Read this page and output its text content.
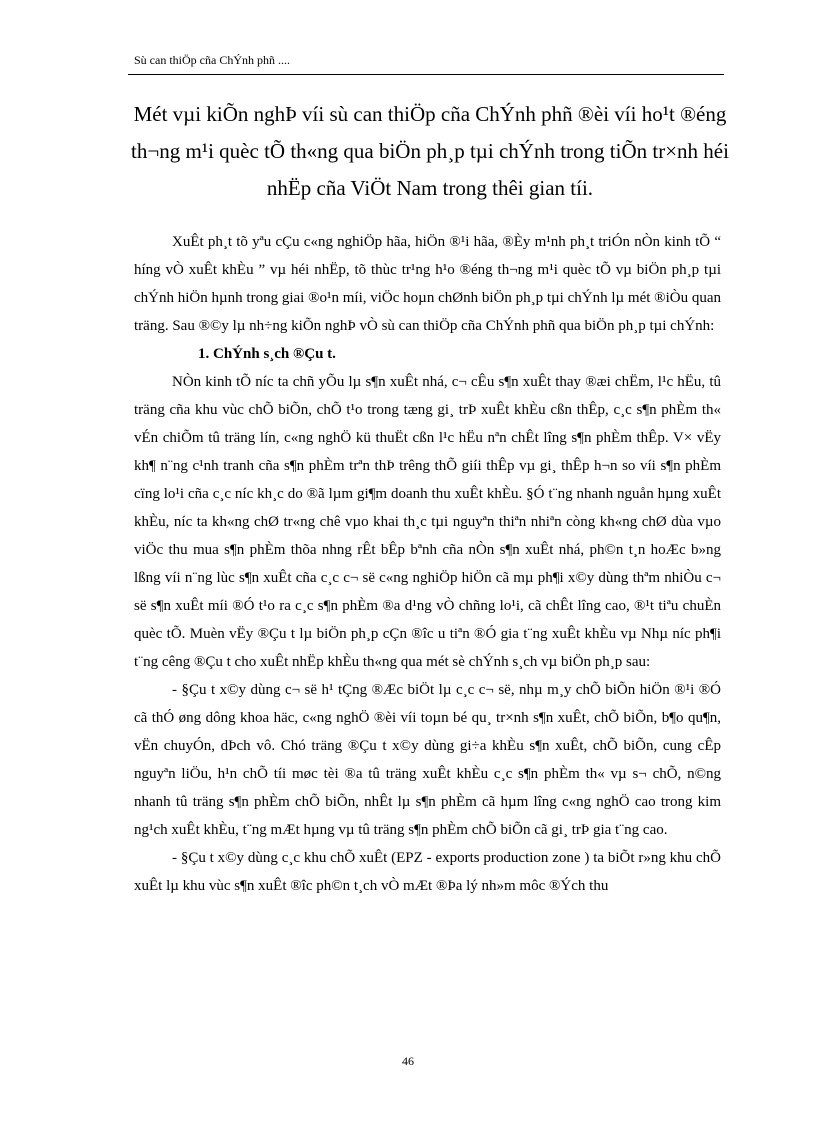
Sù can thiÖp cña ChÝnh phñ ....
Mét vµi kiÕn nghÞ víi sù can thiÖp cña ChÝnh phñ ®èi víi ho¹t ®éng th¬ng m¹i quèc tÕ th«ng qua biÖn ph¸p tµi chÝnh trong tiÕn tr×nh héi nhËp cña ViÖt Nam trong thêi gian tíi.

XuÊt ph¸t tõ yªu cÇu c«ng nghiÖp hãa, hiÖn ®¹i hãa, ®Èy m¹nh ph¸t triÓn nÒn kinh tÕ “ híng vÒ xuÊt khÈu ” vµ héi nhËp, tõ thùc tr¹ng h¹o ®éng th¬ng m¹i quèc tÕ vµ biÖn ph¸p tµi chÝnh hiÖn hµnh trong giai ®o¹n míi, viÖc hoµn chØnh biÖn ph¸p tµi chÝnh lµ mét ®iÒu quan träng. Sau ®©y lµ nh÷ng kiÕn nghÞ vÒ sù can thiÖp cña ChÝnh phñ qua biÖn ph¸p tµi chÝnh:

1. ChÝnh s¸ch ®Çu t.

NÒn kinh tÕ níc ta chñ yÕu lµ s¶n xuÊt nhá, c¬ cÊu s¶n xuÊt thay ®æi chËm, l¹c hËu, tû träng cña khu vùc chÕ biÕn, chÕ t¹o trong tæng gi¸ trÞ xuÊt khÈu cßn thÊp, c¸c s¶n phÈm th« vÉn chiÕm tû träng lín, c«ng nghÖ kü thuËt cßn l¹c hËu nªn chÊt lîng s¶n phÈm thÊp. V× vËy kh¶ n¨ng c¹nh tranh cña s¶n phÈm trªn thÞ trêng thÕ giíi thÊp vµ gi¸ thÊp h¬n so víi s¶n phÈm cïng lo¹i cña c¸c níc kh¸c do ®ã lµm gi¶m doanh thu xuÊt khÈu. §Ó t¨ng nhanh nguån hµng xuÊt khÈu, níc ta kh«ng chØ tr«ng chê vµo khai th¸c tµi nguyªn thiªn nhiªn còng kh«ng chØ dùa vµo viÖc thu mua s¶n phÈm thõa nhng rÊt bÊp bªnh cña nÒn s¶n xuÊt nhá, ph©n t¸n hoÆc b»ng lßng víi n¨ng lùc s¶n xuÊt cña c¸c c¬ së c«ng nghiÖp hiÖn cã mµ ph¶i x©y dùng thªm nhiÒu c¬ së s¶n xuÊt míi ®Ó t¹o ra c¸c s¶n phÈm ®a d¹ng vÒ chñng lo¹i, cã chÊt lîng cao, ®¹t tiªu chuÈn quèc tÕ. Muèn vËy ®Çu t lµ biÖn ph¸p cÇn ®îc u tiªn ®Ó gia t¨ng xuÊt khÈu vµ Nhµ níc ph¶i t¨ng cêng ®Çu t cho xuÊt nhËp khÈu th«ng qua mét sè chÝnh s¸ch vµ biÖn ph¸p sau:

- §Çu t x©y dùng c¬ së h¹ tÇng ®Æc biÖt lµ c¸c c¬ së, nhµ m¸y chÕ biÕn hiÖn ®¹i ®Ó cã thÓ øng dông khoa häc, c«ng nghÖ ®èi víi toµn bé qu¸ tr×nh s¶n xuÊt, chÕ biÕn, b¶o qu¶n, vËn chuyÓn, dÞch vô. Chó träng ®Çu t x©y dùng gi÷a khÈu s¶n xuÊt, chÕ biÕn, cung cÊp nguyªn liÖu, h¹n chÕ tíi møc tèi ®a tû träng xuÊt khÈu c¸c s¶n phÈm th« vµ s¬ chÕ, n©ng nhanh tû träng s¶n phÈm chÕ biÕn, nhÊt lµ s¶n phÈm cã hµm lîng c«ng nghÖ cao trong kim ng¹ch xuÊt khÈu, t¨ng mÆt hµng vµ tû träng s¶n phÈm chÕ biÕn cã gi¸ trÞ gia t¨ng cao.

- §Çu t x©y dùng c¸c khu chÕ xuÊt (EPZ - exports production zone ) ta biÕt r»ng khu chÕ xuÊt lµ khu vùc s¶n xuÊt ®îc ph©n t¸ch vÒ mÆt ®Þa lý nh»m môc ®Ých thu

46
